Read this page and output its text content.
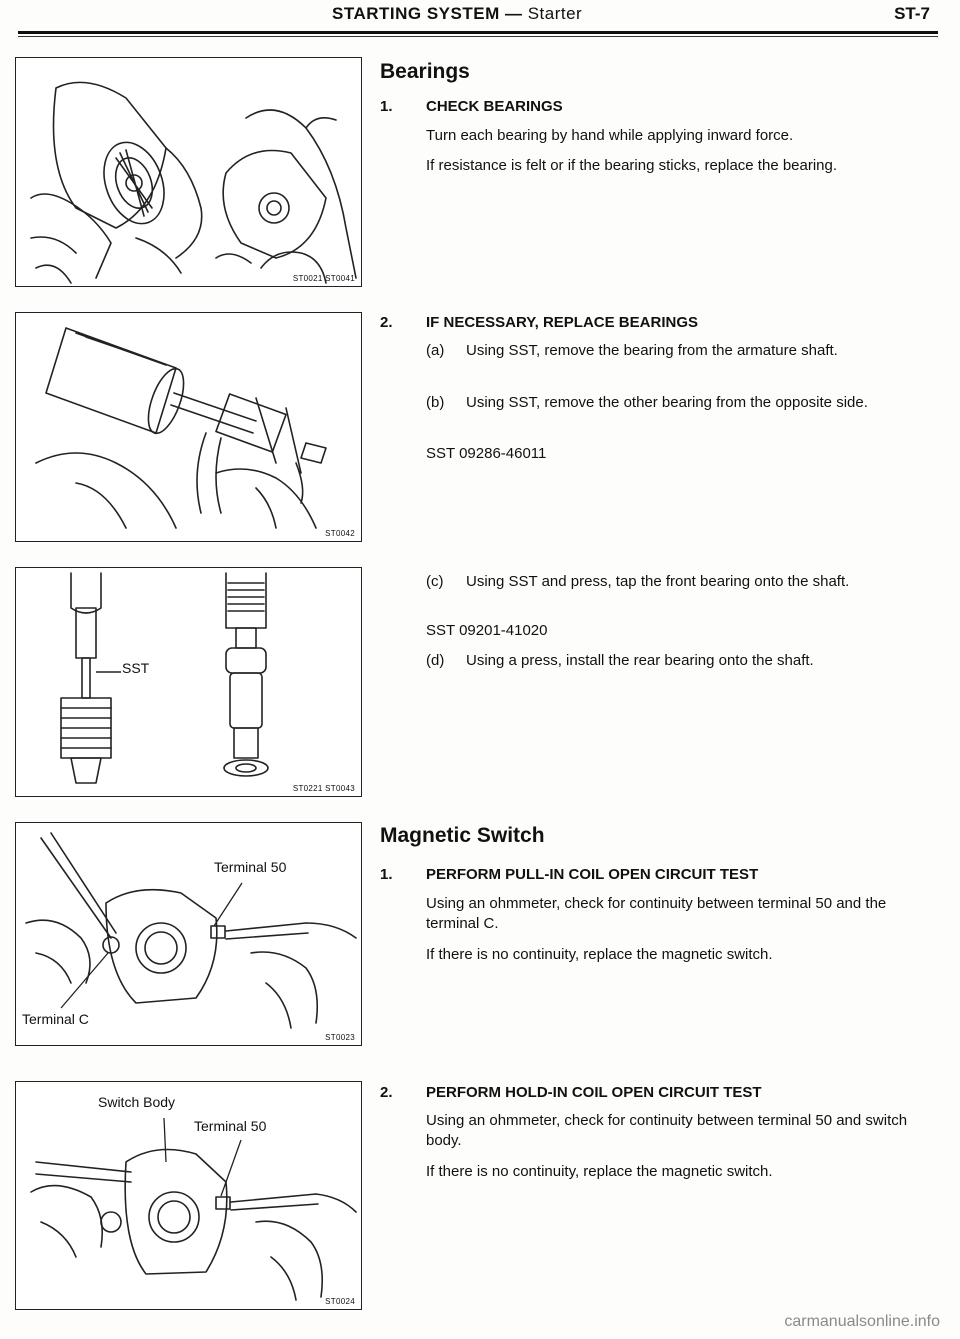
STARTING SYSTEM — Starter	ST-7
ST0021 ST0041
ST0042
SST
ST0221 ST0043
Terminal 50
Terminal C
ST0023
Switch Body
Terminal 50
ST0024
Bearings
1. CHECK BEARINGS
Turn each bearing by hand while applying inward force.
If resistance is felt or if the bearing sticks, replace the bearing.
2. IF NECESSARY, REPLACE BEARINGS
(a) Using SST, remove the bearing from the armature shaft.
(b) Using SST, remove the other bearing from the opposite side.
SST 09286-46011
(c) Using SST and press, tap the front bearing onto the shaft.
SST 09201-41020
(d) Using a press, install the rear bearing onto the shaft.
Magnetic Switch
1. PERFORM PULL-IN COIL OPEN CIRCUIT TEST
Using an ohmmeter, check for continuity between terminal 50 and the terminal C.
If there is no continuity, replace the magnetic switch.
2. PERFORM HOLD-IN COIL OPEN CIRCUIT TEST
Using an ohmmeter, check for continuity between terminal 50 and switch body.
If there is no continuity, replace the magnetic switch.
carmanualsonline.info
